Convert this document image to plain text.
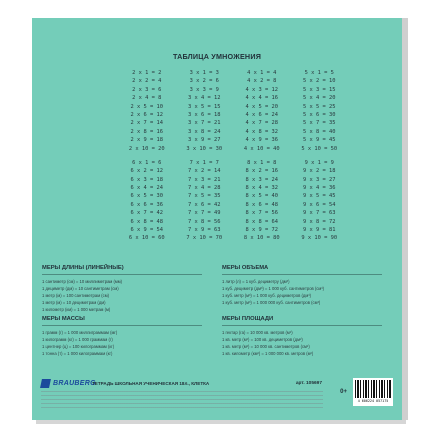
ТАБЛИЦА УМНОЖЕНИЯ
2 x 1 = 2
2 x 2 = 4
2 x 3 = 6
2 x 4 = 8
2 x 5 = 10
2 x 6 = 12
2 x 7 = 14
2 x 8 = 16
2 x 9 = 18
2 x 10 = 20
3 x 1 = 3
3 x 2 = 6
3 x 3 = 9
3 x 4 = 12
3 x 5 = 15
3 x 6 = 18
3 x 7 = 21
3 x 8 = 24
3 x 9 = 27
3 x 10 = 30
4 x 1 = 4
4 x 2 = 8
4 x 3 = 12
4 x 4 = 16
4 x 5 = 20
4 x 6 = 24
4 x 7 = 28
4 x 8 = 32
4 x 9 = 36
4 x 10 = 40
5 x 1 = 5
5 x 2 = 10
5 x 3 = 15
5 x 4 = 20
5 x 5 = 25
5 x 6 = 30
5 x 7 = 35
5 x 8 = 40
5 x 9 = 45
5 x 10 = 50
6 x 1 = 6
6 x 2 = 12
6 x 3 = 18
6 x 4 = 24
6 x 5 = 30
6 x 6 = 36
6 x 7 = 42
6 x 8 = 48
6 x 9 = 54
6 x 10 = 60
7 x 1 = 7
7 x 2 = 14
7 x 3 = 21
7 x 4 = 28
7 x 5 = 35
7 x 6 = 42
7 x 7 = 49
7 x 8 = 56
7 x 9 = 63
7 x 10 = 70
8 x 1 = 8
8 x 2 = 16
8 x 3 = 24
8 x 4 = 32
8 x 5 = 40
8 x 6 = 48
8 x 7 = 56
8 x 8 = 64
8 x 9 = 72
8 x 10 = 80
9 x 1 = 9
9 x 2 = 18
9 x 3 = 27
9 x 4 = 36
9 x 5 = 45
9 x 6 = 54
9 x 7 = 63
9 x 8 = 72
9 x 9 = 81
9 x 10 = 90
МЕРЫ ДЛИНЫ (ЛИНЕЙНЫЕ)
1 сантиметр (см) = 10 миллиметрам (мм)
1 дециметр (дм) = 10 сантиметрам (см)
1 метр (м) = 100 сантиметрам (см)
1 метр (м) = 10 дециметрам (дм)
1 километр (км) = 1 000 метрам (м)
МЕРЫ ОБЪЕМА
1 литр (л) = 1 куб. дециметру (дм³)
1 куб. дециметр (дм³) = 1 000 куб. сантиметров (см³)
1 куб. метр (м³) = 1 000 куб. дециметров (дм³)
1 куб. метр (м³) = 1 000 000 куб. сантиметров (см³)
МЕРЫ МАССЫ
1 грамм (г) = 1 000 миллиграммам (мг)
1 килограмм (кг) = 1 000 граммам (г)
1 центнер (ц) = 100 килограммам (кг)
1 тонна (т) = 1 000 килограммам (кг)
МЕРЫ ПЛОЩАДИ
1 гектар (га) = 10 000 кв. метров (м²)
1 кв. метр (м²) = 100 кв. дециметров (дм²)
1 кв. метр (м²) = 10 000 кв. сантиметров (см²)
1 кв. километр (км²) = 1 000 000 кв. метров (м²)
BRAUBERG
ТЕТРАДЬ ШКОЛЬНАЯ УЧЕНИЧЕСКАЯ 18л., КЛЕТКА	арт. 105697
0+
4 606224 057175
